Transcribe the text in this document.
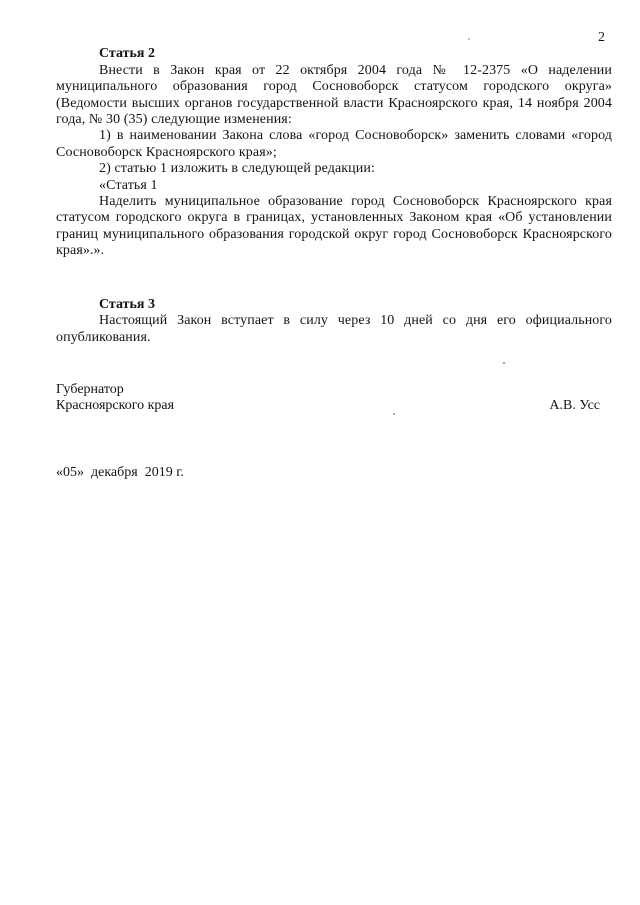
2

Статья 2

Внести в Закон края от 22 октября 2004 года № 12-2375 «О наделении муниципального образования город Сосновоборск статусом городского округа» (Ведомости высших органов государственной власти Красноярского края, 14 ноября 2004 года, № 30 (35) следующие изменения:

1) в наименовании Закона слова «город Сосновоборск» заменить словами «город Сосновоборск Красноярского края»;

2) статью 1 изложить в следующей редакции:

«Статья 1

Наделить муниципальное образование город Сосновоборск Красноярского края статусом городского округа в границах, установленных Законом края «Об установлении границ муниципального образования городской округ город Сосновоборск Красноярского края».».

Статья 3

Настоящий Закон вступает в силу через 10 дней со дня его официального опубликования.

Губернатор
Красноярского края	А.В. Усс
«05»  декабря  2019 г.
